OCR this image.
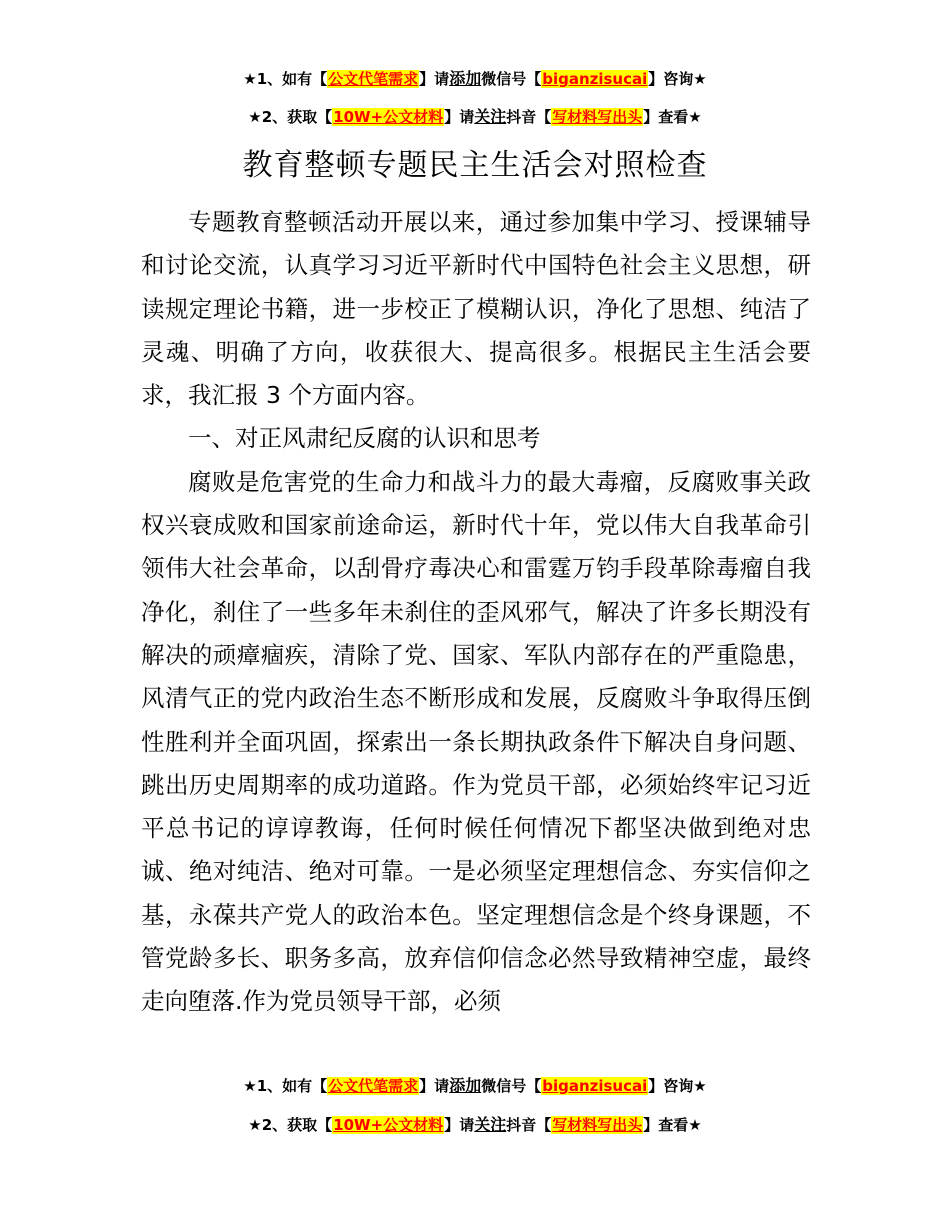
★1、如有【公文代笔需求】请添加微信号【biganzisucai】咨询★
★2、获取【10W+公文材料】请关注抖音【写材料写出头】查看★
教育整顿专题民主生活会对照检查

专题教育整顿活动开展以来，通过参加集中学习、授课辅导和讨论交流，认真学习习近平新时代中国特色社会主义思想，研读规定理论书籍，进一步校正了模糊认识，净化了思想、纯洁了灵魂、明确了方向，收获很大、提高很多。根据民主生活会要求，我汇报 3 个方面内容。

一、对正风肃纪反腐的认识和思考

腐败是危害党的生命力和战斗力的最大毒瘤，反腐败事关政权兴衰成败和国家前途命运，新时代十年，党以伟大自我革命引领伟大社会革命，以刮骨疗毒决心和雷霆万钧手段革除毒瘤自我净化，刹住了一些多年未刹住的歪风邪气，解决了许多长期没有解决的顽瘴痼疾，清除了党、国家、军队内部存在的严重隐患，风清气正的党内政治生态不断形成和发展，反腐败斗争取得压倒性胜利并全面巩固，探索出一条长期执政条件下解决自身问题、跳出历史周期率的成功道路。作为党员干部，必须始终牢记习近平总书记的谆谆教诲，任何时候任何情况下都坚决做到绝对忠诚、绝对纯洁、绝对可靠。一是必须坚定理想信念、夯实信仰之基，永葆共产党人的政治本色。坚定理想信念是个终身课题，不管党龄多长、职务多高，放弃信仰信念必然导致精神空虚，最终走向堕落.作为党员领导干部，必须

★1、如有【公文代笔需求】请添加微信号【biganzisucai】咨询★
★2、获取【10W+公文材料】请关注抖音【写材料写出头】查看★
